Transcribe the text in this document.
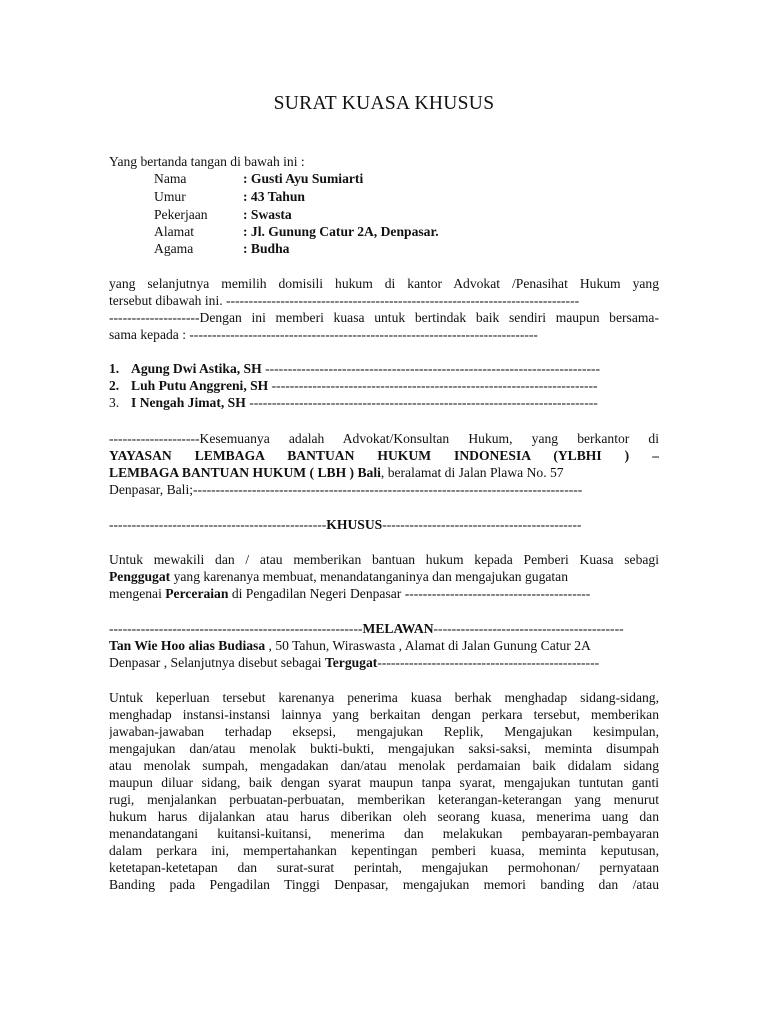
SURAT KUASA KHUSUS
Yang bertanda tangan di bawah ini :
Nama	: Gusti Ayu Sumiarti
Umur	: 43 Tahun
Pekerjaan	: Swasta
Alamat	: Jl. Gunung Catur 2A, Denpasar.
Agama	: Budha
yang selanjutnya memilih domisili hukum di kantor Advokat /Penasihat Hukum yang
tersebut dibawah ini. ------------------------------------------------------------------------------
--------------------Dengan ini memberi kuasa untuk bertindak baik sendiri maupun bersama-
sama kepada : -----------------------------------------------------------------------------
1. Agung Dwi Astika, SH --------------------------------------------------------------------------
2. Luh Putu Anggreni, SH ------------------------------------------------------------------------
3. I Nengah Jimat, SH -----------------------------------------------------------------------------
--------------------Kesemuanya adalah Advokat/Konsultan Hukum, yang berkantor di
YAYASAN LEMBAGA BANTUAN HUKUM INDONESIA (YLBHI ) –
LEMBAGA BANTUAN HUKUM ( LBH ) Bali, beralamat di Jalan Plawa No. 57
Denpasar, Bali;--------------------------------------------------------------------------------------
------------------------------------------------KHUSUS--------------------------------------------
Untuk mewakili dan / atau memberikan bantuan hukum kepada Pemberi Kuasa sebagi
Penggugat yang karenanya membuat, menandatanganinya dan mengajukan gugatan
mengenai Perceraian di Pengadilan Negeri Denpasar -----------------------------------------
--------------------------------------------------------MELAWAN------------------------------------------
Tan Wie Hoo alias Budiasa , 50 Tahun, Wiraswasta , Alamat di Jalan Gunung Catur 2A
Denpasar , Selanjutnya disebut sebagai Tergugat-------------------------------------------------
Untuk keperluan tersebut karenanya penerima kuasa berhak menghadap sidang-sidang,
menghadap instansi-instansi lainnya yang berkaitan dengan perkara tersebut, memberikan
jawaban-jawaban terhadap eksepsi, mengajukan Replik, Mengajukan kesimpulan,
mengajukan dan/atau menolak bukti-bukti, mengajukan saksi-saksi, meminta disumpah
atau menolak sumpah, mengadakan dan/atau menolak perdamaian baik didalam sidang
maupun diluar sidang, baik dengan syarat maupun tanpa syarat, mengajukan tuntutan ganti
rugi, menjalankan perbuatan-perbuatan, memberikan keterangan-keterangan yang menurut
hukum harus dijalankan atau harus diberikan oleh seorang kuasa, menerima uang dan
menandatangani kuitansi-kuitansi, menerima dan melakukan pembayaran-pembayaran
dalam perkara ini, mempertahankan kepentingan pemberi kuasa, meminta keputusan,
ketetapan-ketetapan dan surat-surat perintah, mengajukan permohonan/ pernyataan
Banding pada Pengadilan Tinggi Denpasar, mengajukan memori banding dan /atau
